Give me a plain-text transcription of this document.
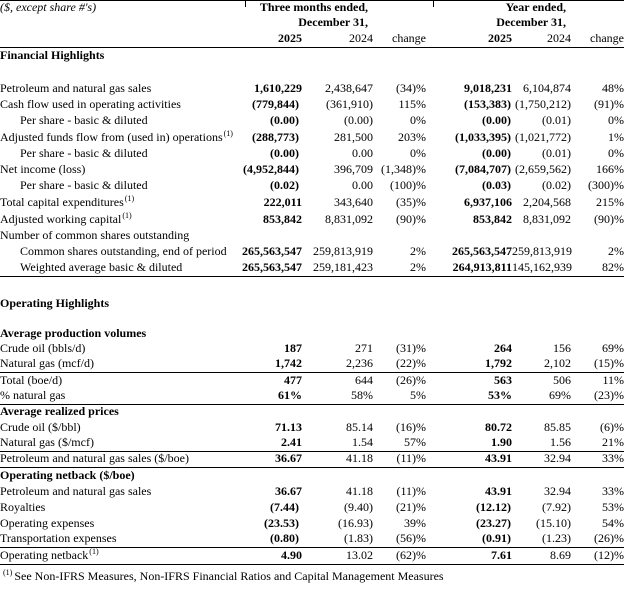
($, except share #'s)	Three months ended,			Year ended,		
	December 31,			December 31,		
	2025	2024	change	2025	2024	change
Financial Highlights						

Petroleum and natural gas sales	1,610,229	2,438,647	(34)%	9,018,231	6,104,874	48%
Cash flow used in operating activities	(779,844)	(361,910)	115%	(153,383)	(1,750,212)	(91)%
Per share - basic & diluted	(0.00)	(0.00)	0%	(0.00)	(0.01)	0%
Adjusted funds flow from (used in) operations$^{(1)}$	(288,773)	281,500	203%	(1,033,395)	(1,021,772)	1%
Per share - basic & diluted	(0.00)	0.00	0%	(0.00)	(0.01)	0%
Net income (loss)	(4,952,844)	396,709	(1,348)%	(7,084,707)	(2,659,562)	166%
Per share - basic & diluted	(0.02)	0.00	(100)%	(0.03)	(0.02)	(300)%
Total capital expenditures$^{(1)}$	222,011	343,640	(35)%	6,937,106	2,204,568	215%
Adjusted working capital$^{(1)}$	853,842	8,831,092	(90)%	853,842	8,831,092	(90)%
Number of common shares outstanding						
Common shares outstanding, end of period	265,563,547	259,813,919	2%	265,563,547	259,813,919	2%
Weighted average basic & diluted	265,563,547	259,181,423	2%	264,913,811	145,162,939	82%

Operating Highlights						

Average production volumes						
Crude oil (bbls/d)	187	271	(31)%	264	156	69%
Natural gas (mcf/d)	1,742	2,236	(22)%	1,792	2,102	(15)%
Total (boe/d)	477	644	(26)%	563	506	11%
% natural gas	61%	58%	5%	53%	69%	(23)%
Average realized prices						
Crude oil ($/bbl)	71.13	85.14	(16)%	80.72	85.85	(6)%
Natural gas ($/mcf)	2.41	1.54	57%	1.90	1.56	21%
Petroleum and natural gas sales ($/boe)	36.67	41.18	(11)%	43.91	32.94	33%
Operating netback ($/boe)						
Petroleum and natural gas sales	36.67	41.18	(11)%	43.91	32.94	33%
Royalties	(7.44)	(9.40)	(21)%	(12.12)	(7.92)	53%
Operating expenses	(23.53)	(16.93)	39%	(23.27)	(15.10)	54%
Transportation expenses	(0.80)	(1.83)	(56)%	(0.91)	(1.23)	(26)%
Operating netback$^{(1)}$	4.90	13.02	(62)%	7.61	8.69	(12)%
$^{(1)}$ See Non-IFRS Measures, Non-IFRS Financial Ratios and Capital Management Measures
